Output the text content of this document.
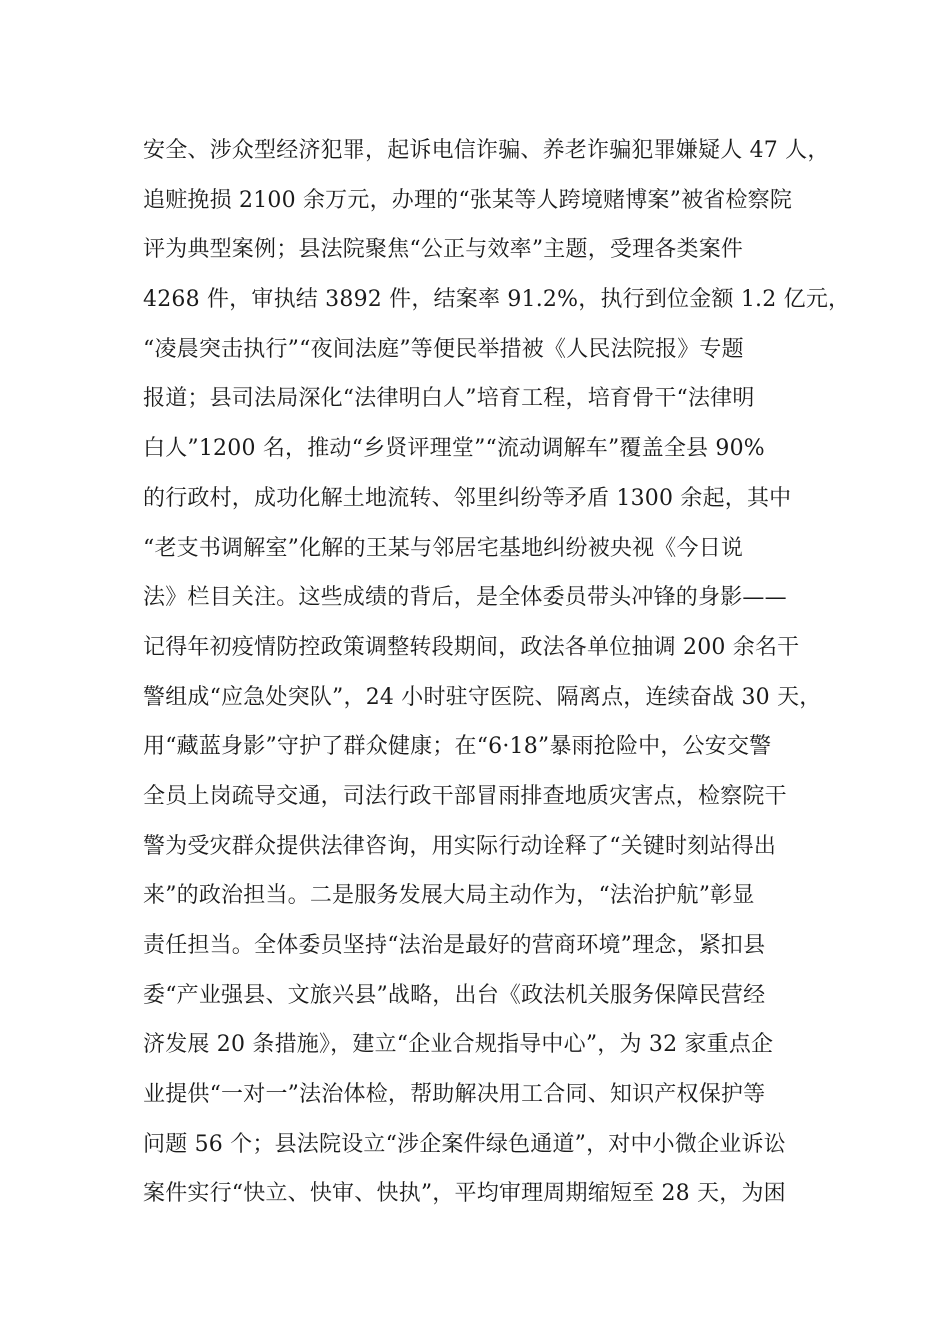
安全、涉众型经济犯罪，起诉电信诈骗、养老诈骗犯罪嫌疑人 47 人，
追赃挽损 2100 余万元，办理的“张某等人跨境赌博案”被省检察院
评为典型案例；县法院聚焦“公正与效率”主题，受理各类案件
4268 件，审执结 3892 件，结案率 91.2%，执行到位金额 1.2 亿元，
“凌晨突击执行”“夜间法庭”等便民举措被《人民法院报》专题
报道；县司法局深化“法律明白人”培育工程，培育骨干“法律明
白人”1200 名，推动“乡贤评理堂”“流动调解车”覆盖全县 90%
的行政村，成功化解土地流转、邻里纠纷等矛盾 1300 余起，其中
“老支书调解室”化解的王某与邻居宅基地纠纷被央视《今日说
法》栏目关注。这些成绩的背后，是全体委员带头冲锋的身影——
记得年初疫情防控政策调整转段期间，政法各单位抽调 200 余名干
警组成“应急处突队”，24 小时驻守医院、隔离点，连续奋战 30 天，
用“藏蓝身影”守护了群众健康；在“6·18”暴雨抢险中，公安交警
全员上岗疏导交通，司法行政干部冒雨排查地质灾害点，检察院干
警为受灾群众提供法律咨询，用实际行动诠释了“关键时刻站得出
来”的政治担当。二是服务发展大局主动作为，“法治护航”彰显
责任担当。全体委员坚持“法治是最好的营商环境”理念，紧扣县
委“产业强县、文旅兴县”战略，出台《政法机关服务保障民营经
济发展 20 条措施》，建立“企业合规指导中心”，为 32 家重点企
业提供“一对一”法治体检，帮助解决用工合同、知识产权保护等
问题 56 个；县法院设立“涉企案件绿色通道”，对中小微企业诉讼
案件实行“快立、快审、快执”，平均审理周期缩短至 28 天，为困
